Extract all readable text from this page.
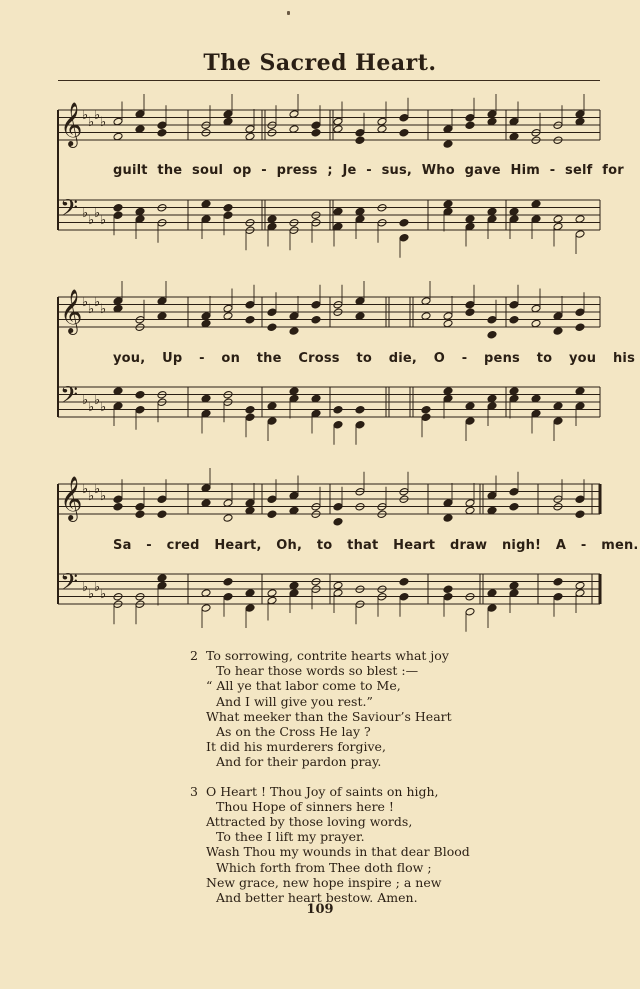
The Sacred Heart.
𝄞 ♭ ♭ ♭ ♭
𝄢 ♭ ♭ ♭ ♭
𝄞 ♭ ♭ ♭ ♭
𝄢 ♭ ♭ ♭ ♭
𝄞 ♭ ♭ ♭ ♭
𝄢 ♭ ♭ ♭ ♭
guilt the soul op - press ; Je - sus, Who gave Him - self for
you, Up - on the Cross to die, O - pens to you his
Sa - cred Heart, Oh, to that Heart draw nigh! A - men.
2 To sorrowing, contrite hearts what joy
To hear those words so blest :—
“ All ye that labor come to Me,
And I will give you rest.”
What meeker than the Saviour’s Heart
As on the Cross He lay ?
It did his murderers forgive,
And for their pardon pray.
3 O Heart ! Thou Joy of saints on high,
Thou Hope of sinners here !
Attracted by those loving words,
To thee I lift my prayer.
Wash Thou my wounds in that dear Blood
Which forth from Thee doth flow ;
New grace, new hope inspire ; a new
And better heart bestow. Amen.
109
